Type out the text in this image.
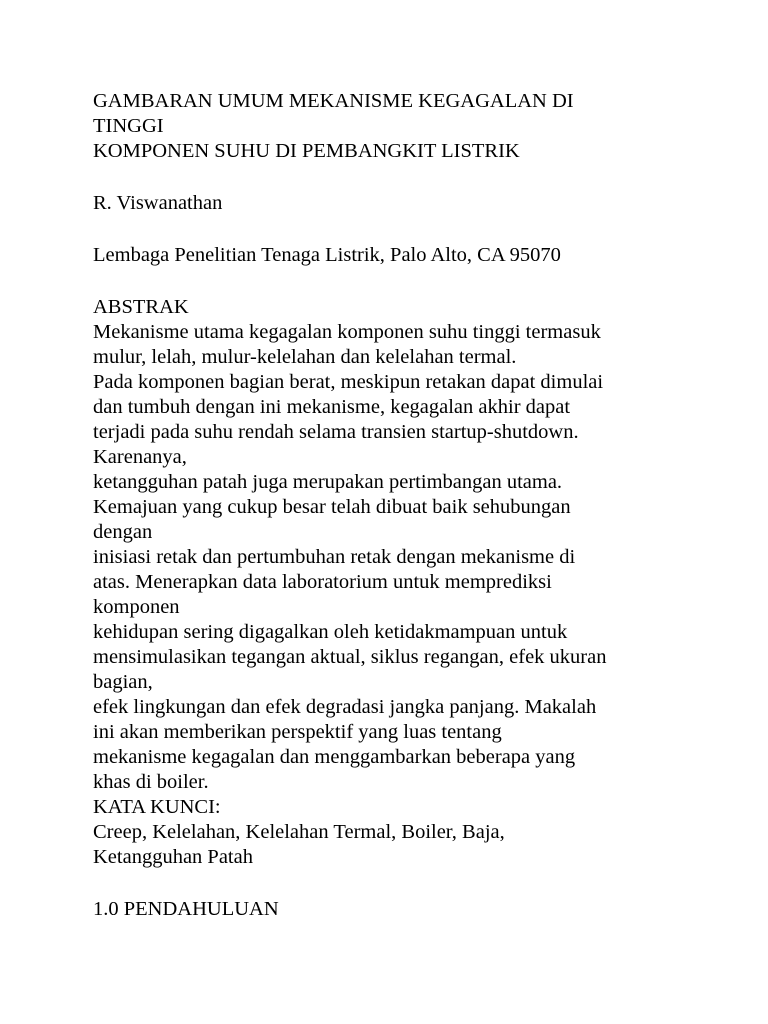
GAMBARAN UMUM MEKANISME KEGAGALAN DI
TINGGI
KOMPONEN SUHU DI PEMBANGKIT LISTRIK
R. Viswanathan
Lembaga Penelitian Tenaga Listrik, Palo Alto, CA 95070
ABSTRAK
Mekanisme utama kegagalan komponen suhu tinggi termasuk
mulur, lelah, mulur-kelelahan dan kelelahan termal.
Pada komponen bagian berat, meskipun retakan dapat dimulai
dan tumbuh dengan ini mekanisme, kegagalan akhir dapat
terjadi pada suhu rendah selama transien startup-shutdown.
Karenanya,
ketangguhan patah juga merupakan pertimbangan utama.
Kemajuan yang cukup besar telah dibuat baik sehubungan
dengan
inisiasi retak dan pertumbuhan retak dengan mekanisme di
atas. Menerapkan data laboratorium untuk memprediksi
komponen
kehidupan sering digagalkan oleh ketidakmampuan untuk
mensimulasikan tegangan aktual, siklus regangan, efek ukuran
bagian,
efek lingkungan dan efek degradasi jangka panjang. Makalah
ini akan memberikan perspektif yang luas tentang
mekanisme kegagalan dan menggambarkan beberapa yang
khas di boiler.
KATA KUNCI:
Creep, Kelelahan, Kelelahan Termal, Boiler, Baja,
Ketangguhan Patah
1.0 PENDAHULUAN
